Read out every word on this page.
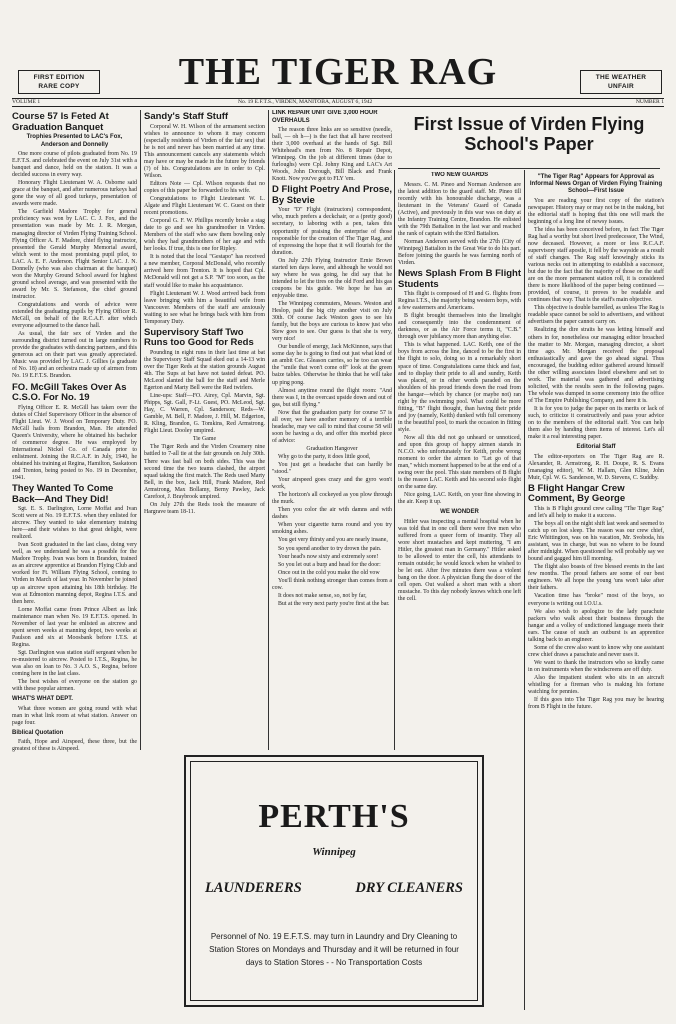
FIRST EDITION
RARE COPY	THE TIGER RAG	THE WEATHER
UNFAIR
VOLUME 1	No. 19 E.F.T.S., VIRDEN, MANITOBA, AUGUST 6, 1942	NUMBER 1
Course 57 Is Feted At Graduation Banquet
Trophies Presented to LAC's Fox, Anderson and Donnelly

One more course of pilots graduated from No. 19 E.F.T.S. and celebrated the event on July 31st with a banquet and dance, held on the station. It was a decided success in every way.

Honorary Flight Lieutenant W. A. Osborne said grace at the banquet, and after numerous turkeys had gone the way of all good turkeys, presentation of awards were made.

The Garfield Madore Trophy for general proficiency was won by LAC. C. J. Fox, and the presentation was made by Mr. J. R. Morgan, managing director of Virden Flying Training School. Flying Officer A. F. Madore, chief flying instructor, presented the Gerald Murphy Memorial award, which went to the most promising pupil pilot, to LAC. A. E. F. Anderson. Flight Senior LAC. J. N. Donnelly (who was also chairman at the banquet) won the Murphy Ground School award for highest ground school average, and was presented with the award by Mr. S. Stefanson, the chief ground instructor.

Congratulations and words of advice were extended the graduating pupils by Flying Officer R. McGill, on behalf of the R.C.A.F. after which everyone adjourned to the dance hall.

As usual, the fair sex of Virden and the surrounding district turned out in large numbers to provide the graduates with dancing partners, and this generous act on their part was greatly appreciated. Music was provided by LAC. J. Gillies (a graduate of No. 18) and an orchestra made up of airmen from No. 19 E.F.T.S. Brandon.

FO. McGill Takes Over As C.S.O. For No. 19

Flying Officer E. R. McGill has taken over the duties of Chief Supervisory Officer in the absence of Flight Lieut. W. J. Wood on Temporary Duty. FO. McGill hails from Brandon, Man. He attended Queen's University, where he obtained his bachelor of commerce degree. He was employed by International Nickel Co. of Canada prior to enlistment. Joining the R.C.A.F. in July, 1940, he obtained his training at Regina, Hamilton, Saskatoon and Trenton, being posted to No. 19 in December, 1941.

They Wanted To Come Back—And They Did!

Sgt. E. S. Darlington, Lorne Moffat and Ivan Scott were at No. 19 E.F.T.S. when they enlisted for aircrew. They wanted to take elementary training here—and their wishes to that great delight, were realized.

Ivan Scott graduated in the last class, doing very well, as we understand he was a possible for the Madore Trophy. Ivan was born in Brandon, trained as an aircrew apprentice at Brandon Flying Club and worked for Ft. William Flying School, coming to Virden in March of last year. In November he joined up as aircrew upon attaining his 18th birthday. He was at Edmonton manning depot, Regina I.T.S. and then here.

Lorne Moffat came from Prince Albert as link maintenance man when No. 19 E.F.T.S. opened. In November of last year he enlisted as aircrew and spent seven weeks at manning depot, two weeks at Paulson and six at Moosbank before I.T.S. at Regina.

Sgt. Darlington was station staff sergeant when he re-mustered to aircrew. Posted to I.T.S., Regina, he was also on loan to No. 3 A.O. S., Regina, before coming here in the last class.

The best wishes of everyone on the station go with these popular airmen.

WHAT'S WHAT DEPT.

What three women are going round with what man in what link room at what station. Answer on page four.

Biblical Quotation

Faith, Hope and Airspeed, these three, but the greatest of these is Airspeed.

Sandy's Staff Stuff

Corporal W. H. Wilson of the armament section wishes to announce to whom it may concern (especially residents of Virden of the fair sex) that he is not and never has been married at any time. This announcement cancels any statements which may have or may be made in the future by friends (?) of his. Congratulations are in order to Cpl. Wilson.

Editors Note — Cpl. Wilson requests that no copies of this paper be forwarded to his wife.

Congratulations to Flight Lieutenant W. L. Algate and Flight Lieutenant W. C. Guest on their recent promotions.

Corporal G. F. W. Phillips recently broke a stag date to go and see his grandmother in Virden. Members of the staff who saw them bowling only wish they had grandmothers of her age and with her looks. If true, this is one for Ripley.

It is noted that the local "Gestapo" has received a new member, Corporal McDonald, who recently arrived here from Trenton. It is hoped that Cpl. McDonald will not get a S.P. "M" too soon, as the staff would like to make his acquaintance.

Flight Lieutenant W. J. Wood arrived back from leave bringing with him a beautiful wife from Vancouver. Members of the staff are anxiously waiting to see what he brings back with him from Temporary Duty.

Supervisory Staff Two Runs too Good for Reds

Pounding in eight runs in their last time at bat the Supervisory Staff Squad eked out a 14-13 win over the Tiger Reds at the station grounds August 4th. The Sups at bat have not tasted defeat. PO. McLeod slanted the ball for the staff and Merle Egerton and Marty Bell were the Red twirlers.

Line-ups: Staff—FO. Airey, Cpl. Marvin, Sgt. Phipps, Sgt. Gall, F-Lt. Guest, PO. McLeod, Sgt. Hay, C. Warren, Cpl. Sanderson; Reds—W. Gamble, M. Bell, F. Madore, J. Hill, M. Edgerton, R. Kling, Brandon, G. Tomkins, Red Armstrong. Flight Lieut. Dooley umpired.

Tie Game

The Tiger Reds and the Virden Creamery nine battled to 7-all tie at the fair grounds on July 30th. There was fast ball on both sides. This was the second time the two teams clashed, the airport squad taking the first match. The Reds used Marty Bell, in the box, Jack Hill, Frank Madore, Red Armstrong, Max Bollamy, Berny Pawley, Jack Carefoot, J. Braybrook umpired.

On July 27th the Reds took the measure of Hargrave team 18-11.

LINK REPAIR UNIT GIVE 3,000 HOUR OVERHAULS

The reason three links are so sensitive (needle, ball, — oh h—) is the fact that all have received their 3,000 overhaul at the hands of Sgt. Bill Whitehead's men from No. 8 Repair Depot, Winnipeg. On the job at different times (due to furloughs) were Cpl. Johny King and LAC's Art Woods, John Dorough, Bill Black and Frank Knott. Now you've got to FLY 'em.

D Flight Poetry And Prose, By Stevie

Your "D" Flight (instructors) correspondent, who, much prefers a deckchair, or a (pretty good) secretary, to laboring with a pen, takes this opportunity of praising the enterprise of those responsible for the creation of The Tiger Rag, and of expressing the hope that it will flourish for the duration.

On July 27th Flying Instructor Ernie Brown started ten days leave, and although he would not say where he was going, he did say that he intended to let the tires on the old Ford and his gas coupons be his guide. We hope he has an enjoyable time.

The Winnipeg commuters, Messrs. Weston and Heslop, paid the big city another visit on July 30th. Of course Jack Weston goes to see his family, but the boys are curious to know just who Stew goes to see. Our guess is that she is very, very nice!

Our bundle of energy, Jack McKinnon, says that some day he is going to find out just what kind of an ambit Cec. Gleason carries, so he too can wear the "smile that won't come off" look at the green baize tables. Otherwise he thinks that he will take up ping pong.

Almost anytime round the flight room: "And there was I, in the overcast upside down and out of gas, but still flying."

Now that the graduation party for course 57 is all over, we have another memory of a terrible headache, may we call to mind that course 58 will soon be having a do, and offer this morbid piece of advice:

Graduation Hangover

Why go to the party, it does little good,

You just get a headache that can hardly be "stood."

Your airspeed goes crazy and the gyro won't work,

The horizon's all cockeyed as you plow through the murk.

Then you color the air with damns and with dashes

When your cigarette turns round and you try smoking ashes.

You get very thirsty and you are nearly insane,

So you spend another to try drown the pain.

Your head's now sixty and extremely sore!

So you let out a burp and head for the door:

Once out in the cold you make the old vow

You'll think nothing stronger than comes from a cow.

It does not make sense, so, not by far,

But at the very next party you're first at the bar.

First Issue of Virden Flying School's Paper
TWO NEW GUARDS

Messrs. C. M. Pineo and Norman Anderson are the latest addition to the guard staff. Mr. Pineo till recently with his honourable discharge, was a lieutenant in the Veterans' Guard of Canada (Active), and previously in this war was on duty at the Infantry Training Centre, Brandon. He enlisted with the 79th Battalion in the last war and reached the rank of captain with the 83rd Battalion.

Norman Anderson served with the 27th (City of Winnipeg) Battalion in the Great War to do his part. Before joining the guards he was farming north of Virden.

News Splash From B Flight Students

This flight is composed of H and G. flights from Regina I.T.S., the majority being western boys, with a few easterners and Americans.

B flight brought themselves into the limelight and consequently into the condemnment of darkness, or as the Air Force terms it, "C.B." through over jubilancy more than anything else.

This is what happened. LAC. Keith, one of the boys from across the line, danced to be the first in the flight to solo, doing so in a remarkably short space of time. Congratulations came thick and fast, and to display their pride to all and sundry, Keith was placed, or in other words paraded on the shoulders of his proud friends down the road from the hangar—which by chance (or maybe not) ran right by the swimming pool. What could be more fitting, "B" flight thought, than having their pride and joy (namely, Keith) dunked with full ceremony in the beautiful pool, to mark the occasion in fitting style.

Now all this did not go unheard or unnoticed, and upon this group of happy airmen stands in N.C.O. who unfortunately for Keith, probe wrong moment to order the airmen to "Let go of that man," which moment happened to be at the end of a swing over the pool. This state members of B flight is the reason LAC. Keith and his second solo flight on the same day.

Nice going, LAC. Keith, on your fine showing in the air. Keep it up.

WE WONDER

Hitler was inspecting a mental hospital when he was told that in one cell there were five men who suffered from a queer form of insanity. They all wore short mustaches and kept muttering, "I am Hitler, the greatest man in Germany." Hitler asked to be allowed to enter the cell, his attendants to remain outside; he would knock when he wished to be let out. After five minutes there was a violent bang on the door. A physician flung the door of the cell open. Out walked a short man with a short mustache. To this day nobody knows which one left the cell.

"The Tiger Rag" Appears for Approval as Informal News Organ of Virden Flying Training School—First Issue

You are reading your first copy of the station's newspaper. History may or may not be in the making, but the editorial staff is hoping that this one will mark the beginning of a long line of newsy issues.

The idea has been conceived before, in fact The Tiger Rag had a worthy but short lived predecessor, The Wind, now deceased. However, a more or less R.C.A.F. supervisory staff apostle, it fell by the wayside as a result of staff changes. The Rag staff knowingly sticks its various necks out in attempting to establish a successor, but due to the fact that the majority of those on the staff are on the more permanent station roll, it is considered there is more likelihood of the paper being continued —provided, of course, it proves to be readable and continues that way. That is the staff's main objective.

This objective is double barrelled, as unless The Rag is readable space cannot be sold to advertisers, and without advertisers the paper cannot carry on.

Realizing the dire straits he was letting himself and others in for, nonetheless our managing editor broached the matter to Mr. Morgan, managing director, a short time ago. Mr. Morgan received the proposal enthusiastically and gave the go ahead signal. Thus encouraged, the budding editor gathered around himself the other willing associates listed elsewhere and set to work. The material was gathered and advertising solicited, with the results seen in the following pages. The whole was dumped in some ceremony into the office of The Empire Publishing Company, and here it is.

It is for you to judge the paper on its merits or lack of such, to criticize it constructively and pass your advice on to the members of the editorial staff. You can help them also by handing them items of interest. Let's all make it a real interesting paper.

Editorial Staff

The editor-reporters on The Tiger Rag are R. Alexander, R. Armstrong, R. H. Doupe, R. S. Evans (managing editor), W. M. Hallam, Glen Kline, John Muir, Cpl. W. G. Sanderson, W. D. Stevens, C. Suddby.

B Flight Hangar Crew Comment, By George

This is B Flight ground crew calling "The Tiger Rag" and let's all help to make it a success.

The boys all on the night shift last week and seemed to catch up on lost sleep. The reason was our crew chief, Eric Whittington, was on his vacation, Mr. Svoboda, his assistant, was in charge, but was no where to be found after midnight. When questioned he will probably say we bound and gagged him till morning.

The flight also boasts of five blessed events in the last few months. The proud fathers are some of our best engineers. We all hope the young 'uns won't take after their fathers.

Vacation time has "broke" most of the boys, so everyone is writing out I.O.U.s.

We also wish to apologize to the lady parachute packers who walk about their business through the hangar and a volley of undictioned language meets their ears. The cause of such an outburst is an apprentice talking back to an engineer.

Some of the crew also want to know why one assistant crew chief draws a parachute and never uses it.

We want to thank the instructors who so kindly came in on instruments when the windscreens are off duty.

Also the impatient student who sits in an aircraft whistling for a fireman who is making his fortune watching for pennies.

If this goes into The Tiger Rag you may be hearing from B Flight in the future.

PERTH'S
Winnipeg
LAUNDERERS	DRY CLEANERS
Personnel of No. 19 E.F.T.S. may turn in Laundry and Dry Cleaning to Station Stores on Mondays and Thursday and it will be returned in four days to Station Stores - - No Transportation Costs
